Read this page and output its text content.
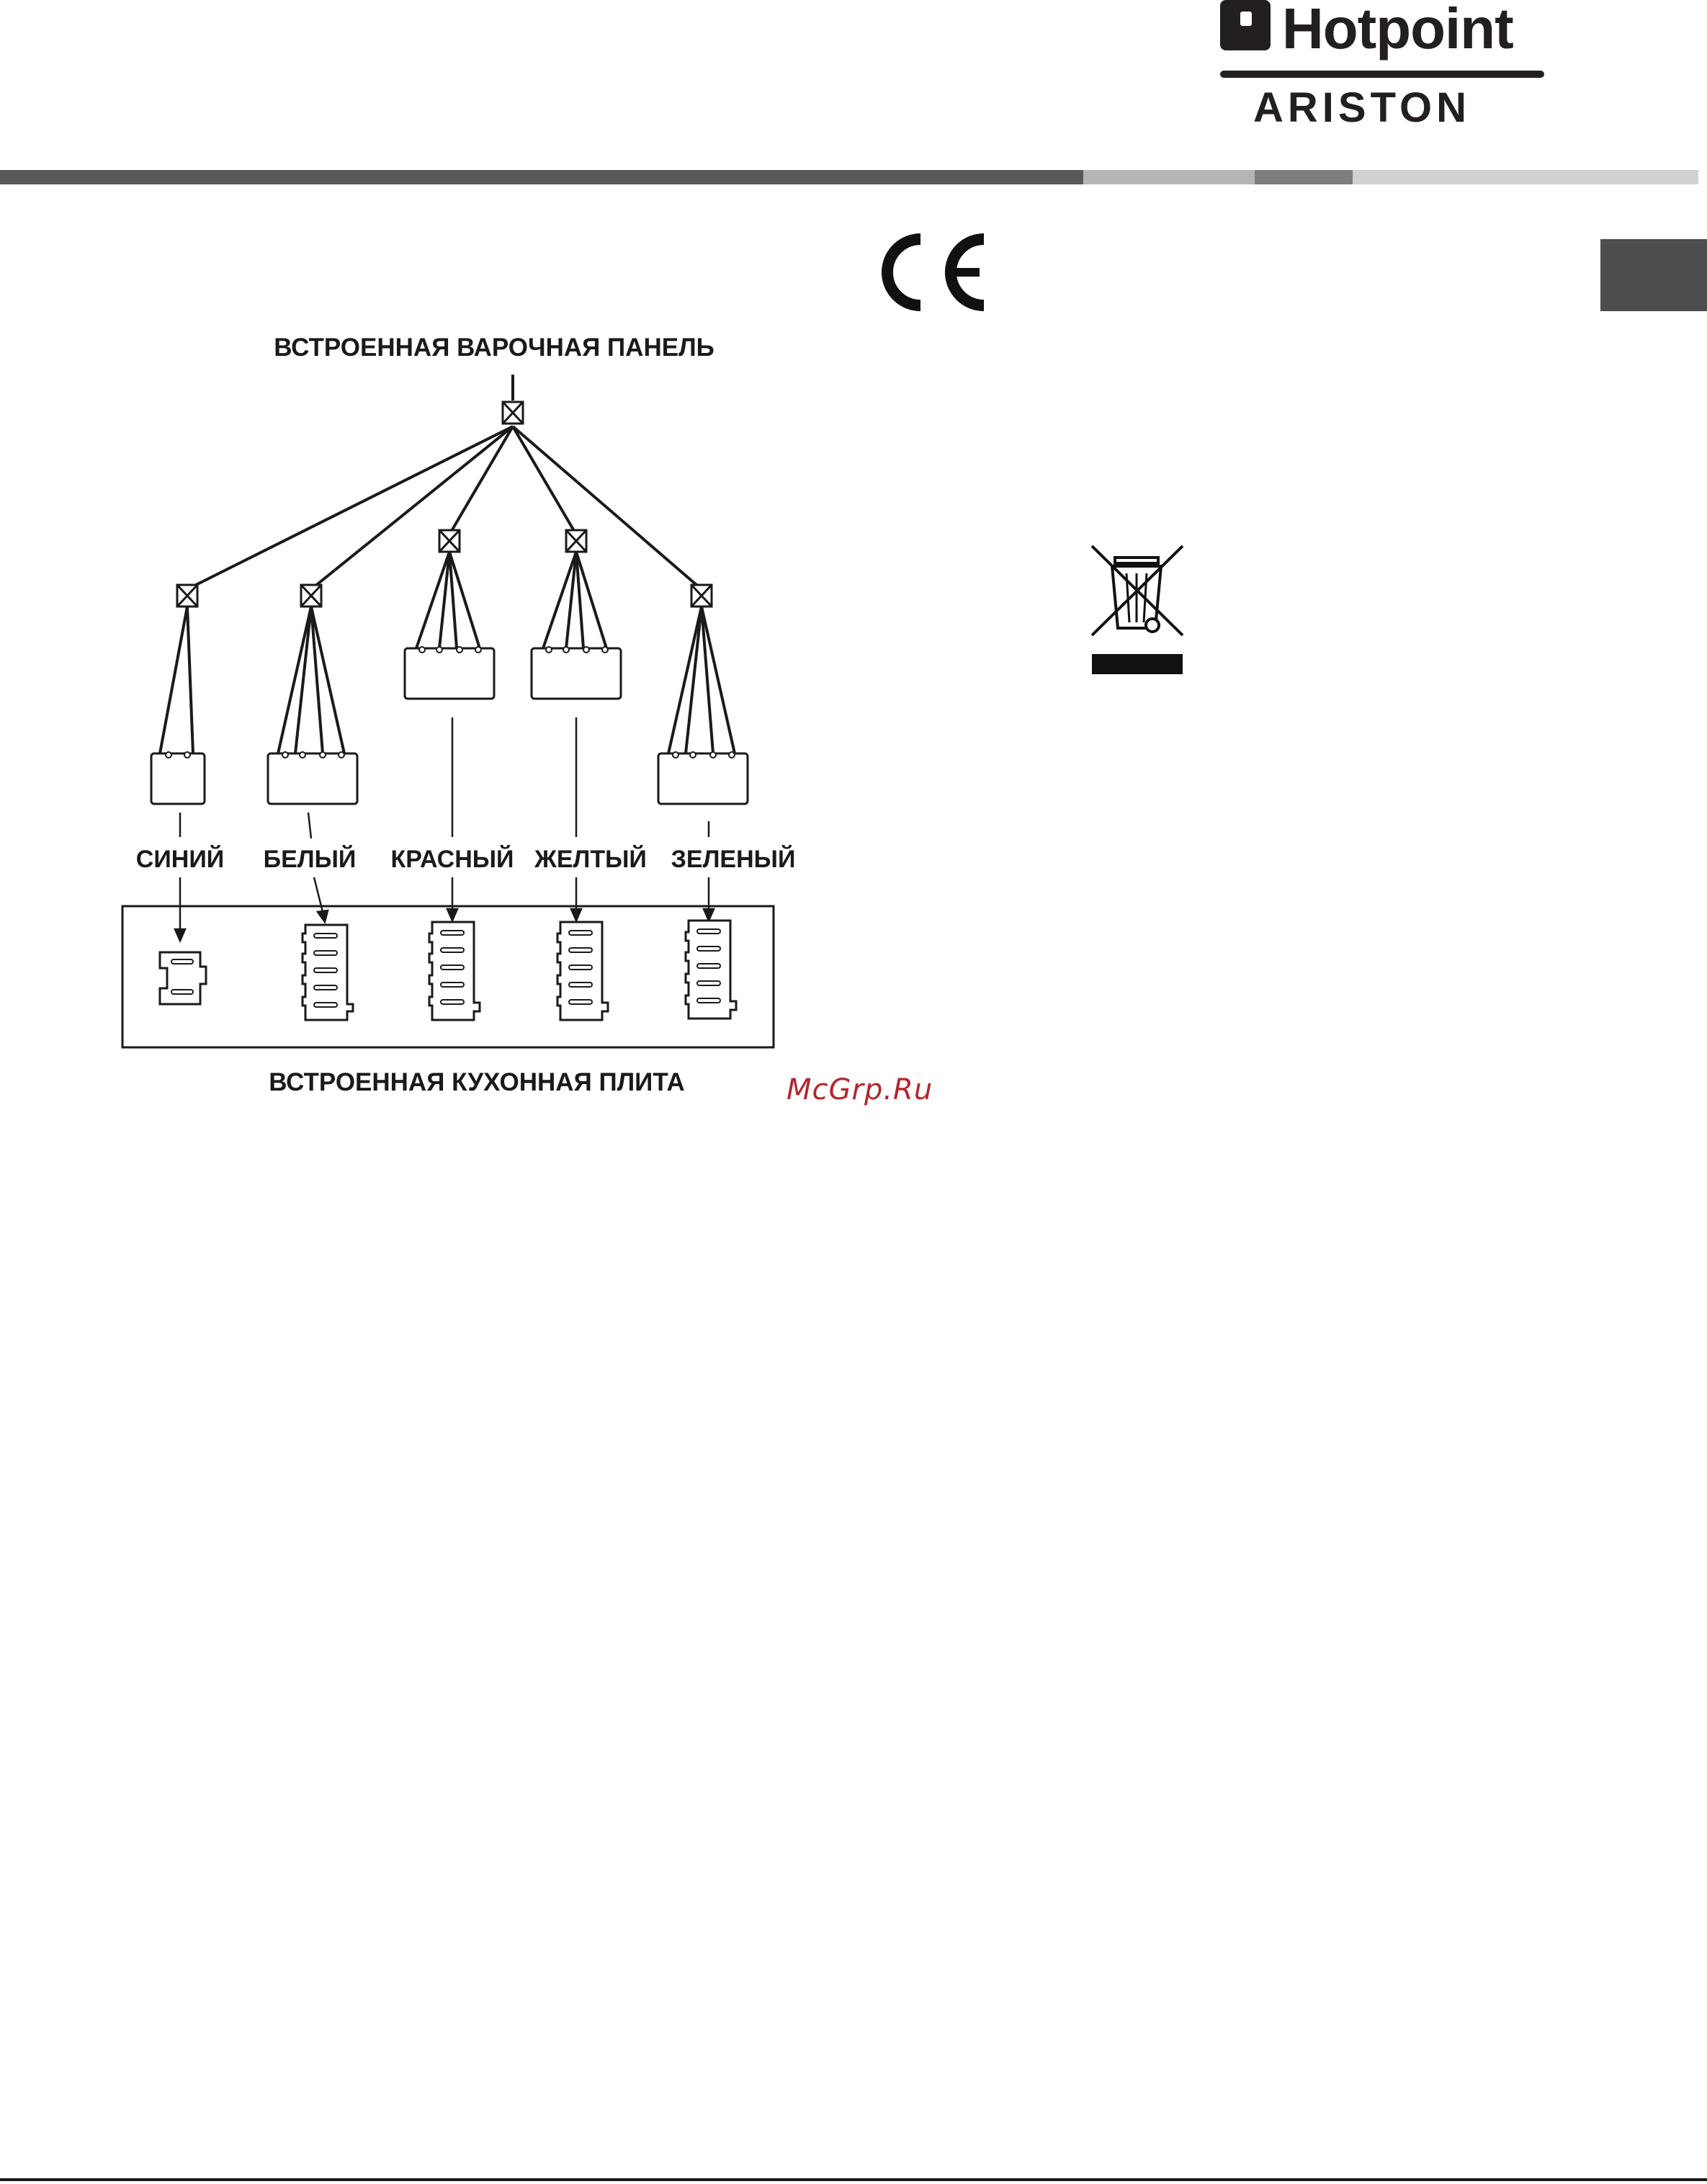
Hotpoint
ARISTON
СИНИЙ БЕЛЫЙ КРАСНЫЙ ЖЕЛТЫЙ ЗЕЛЕНЫЙ
ВСТРОЕННАЯ ВАРОЧНАЯ ПАНЕЛЬ
ВСТРОЕННАЯ КУХОННАЯ ПЛИТА	McGrp.Ru
